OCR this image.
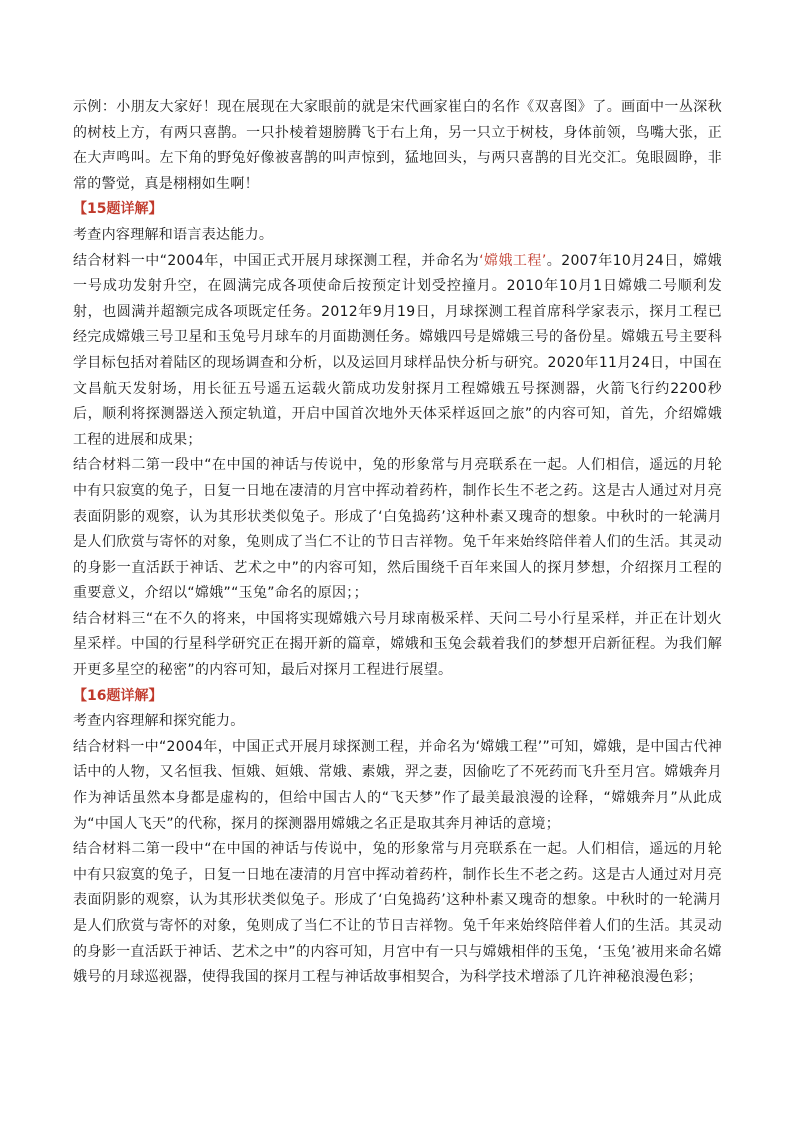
示例：小朋友大家好！现在展现在大家眼前的就是宋代画家崔白的名作《双喜图》了。画面中一丛深秋的树枝上方，有两只喜鹊。一只扑棱着翅膀腾飞于右上角，另一只立于树枝，身体前领，鸟嘴大张，正在大声鸣叫。左下角的野兔好像被喜鹊的叫声惊到，猛地回头，与两只喜鹊的目光交汇。兔眼圆睁，非常的警觉，真是栩栩如生啊！

【15题详解】

考查内容理解和语言表达能力。

结合材料一中“2004年，中国正式开展月球探测工程，并命名为‘嫦娥工程’。2007年10月24日，嫦娥一号成功发射升空，在圆满完成各项使命后按预定计划受控撞月。2010年10月1日嫦娥二号顺利发射，也圆满并超额完成各项既定任务。2012年9月19日，月球探测工程首席科学家表示，探月工程已经完成嫦娥三号卫星和玉兔号月球车的月面勘测任务。嫦娥四号是嫦娥三号的备份星。嫦娥五号主要科学目标包括对着陆区的现场调查和分析，以及运回月球样品快分析与研究。2020年11月24日，中国在文昌航天发射场，用长征五号遥五运载火箭成功发射探月工程嫦娥五号探测器，火箭飞行约2200秒后，顺利将探测器送入预定轨道，开启中国首次地外天体采样返回之旅”的内容可知，首先，介绍嫦娥工程的进展和成果；

结合材料二第一段中“在中国的神话与传说中，兔的形象常与月亮联系在一起。人们相信，遥远的月轮中有只寂寞的兔子，日复一日地在凄清的月宫中挥动着药杵，制作长生不老之药。这是古人通过对月亮表面阴影的观察，认为其形状类似兔子。形成了‘白兔捣药’这种朴素又瑰奇的想象。中秋时的一轮满月是人们欣赏与寄怀的对象，兔则成了当仁不让的节日吉祥物。兔千年来始终陪伴着人们的生活。其灵动的身影一直活跃于神话、艺术之中”的内容可知，然后围绕千百年来国人的探月梦想，介绍探月工程的重要意义，介绍以“嫦娥”“玉兔”命名的原因；；

结合材料三“在不久的将来，中国将实现嫦娥六号月球南极采样、天问二号小行星采样，并正在计划火星采样。中国的行星科学研究正在揭开新的篇章，嫦娥和玉兔会载着我们的梦想开启新征程。为我们解开更多星空的秘密”的内容可知，最后对探月工程进行展望。

【16题详解】

考查内容理解和探究能力。

结合材料一中“2004年，中国正式开展月球探测工程，并命名为‘嫦娥工程’”可知，嫦娥，是中国古代神话中的人物，又名恒我、恒娥、姮娥、常娥、素娥，羿之妻，因偷吃了不死药而飞升至月宫。嫦娥奔月作为神话虽然本身都是虚构的，但给中国古人的“飞天梦”作了最美最浪漫的诠释，“嫦娥奔月”从此成为“中国人飞天”的代称，探月的探测器用嫦娥之名正是取其奔月神话的意境；

结合材料二第一段中“在中国的神话与传说中，兔的形象常与月亮联系在一起。人们相信，遥远的月轮中有只寂寞的兔子，日复一日地在凄清的月宫中挥动着药杵，制作长生不老之药。这是古人通过对月亮表面阴影的观察，认为其形状类似兔子。形成了‘白兔捣药’这种朴素又瑰奇的想象。中秋时的一轮满月是人们欣赏与寄怀的对象，兔则成了当仁不让的节日吉祥物。兔千年来始终陪伴着人们的生活。其灵动的身影一直活跃于神话、艺术之中”的内容可知，月宫中有一只与嫦娥相伴的玉兔，‘玉兔’被用来命名嫦娥号的月球巡视器，使得我国的探月工程与神话故事相契合，为科学技术增添了几许神秘浪漫色彩；
